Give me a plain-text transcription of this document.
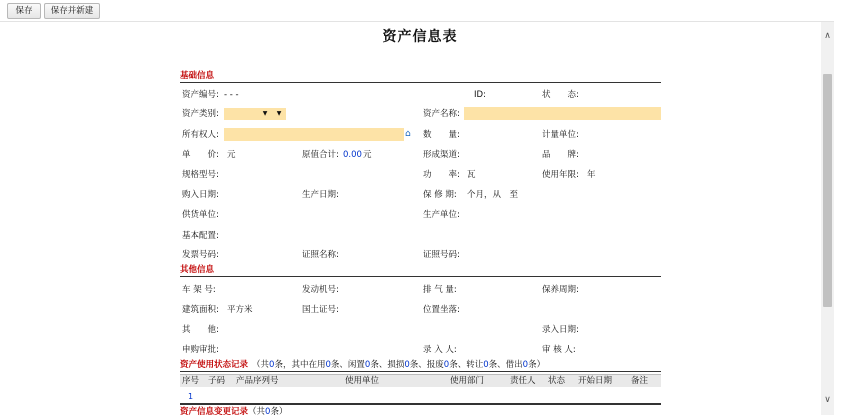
保存	保存并新建
∧
∨
资产信息表
基础信息
资产编号: - - -	ID:	状　　态:
资产类别:	▼ ▼	资产名称:
所有权人:	⌂	数　　量:	计量单位:
单　　价: 元	原值合计: 0.00 元	形成渠道:	品　　牌:
规格型号:	功　　率: 瓦	使用年限: 年
购入日期:	生产日期:	保 修 期: 个月，从　至
供货单位:	生产单位:
基本配置:
发票号码:	证照名称:	证照号码:
其他信息
车 架 号:	发动机号:	排 气 量:	保养周期:
建筑面积: 平方米	国土证号:	位置坐落:
其　　他:	录入日期:
申购审批:	录 入 人:	审 核 人:
资产使用状态记录 （共0条，其中在用0条、闲置0条、损损0条、报废0条、转让0条、借出0条）
序号 子码 产品序列号	使用单位	使用部门	责任人 状态 开始日期 备注
1
资产信息变更记录（共0条）
